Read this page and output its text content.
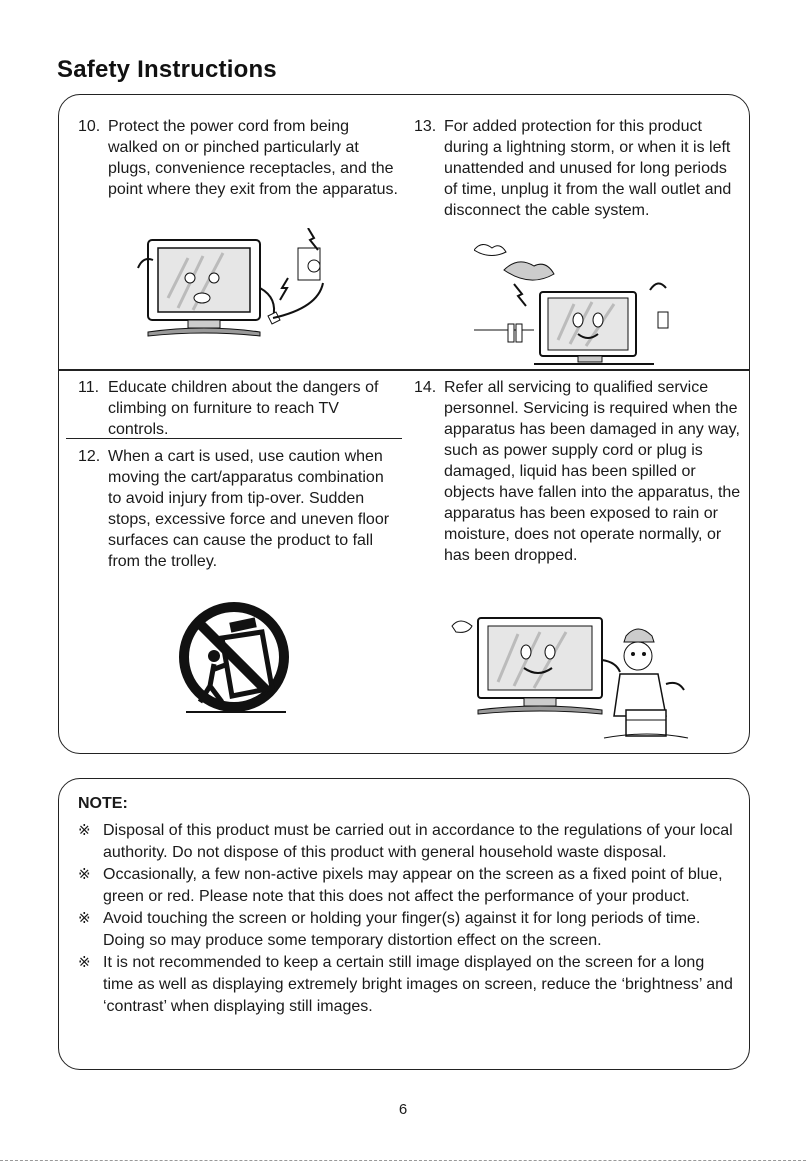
Safety Instructions
10. Protect the power cord from being walked on or pinched particularly at plugs, convenience receptacles, and the point where they exit from the apparatus.
13. For added protection for this product during a lightning storm, or when it is left unattended and unused for long periods of time, unplug it from the wall outlet and disconnect the cable system.
11. Educate children about the dangers of climbing on furniture to reach TV controls.
12. When a cart is used, use caution when moving the cart/apparatus combination to avoid injury from tip-over. Sudden stops, excessive force and uneven floor surfaces can cause the product to fall from the trolley.
14. Refer all servicing to qualified service personnel. Servicing is required when the apparatus has been damaged in any way, such as power supply cord or plug is damaged, liquid has been spilled or objects have fallen into the apparatus, the apparatus has been exposed to rain or moisture, does not operate normally, or has been dropped.
NOTE:
※ Disposal of this product must be carried out in accordance to the regulations of your local authority. Do not dispose of this product with general household waste disposal.
※ Occasionally, a few non-active pixels may appear on the screen as a fixed point of blue, green or red. Please note that this does not affect the performance of your product.
※ Avoid touching the screen or holding your finger(s) against it for long periods of time. Doing so may produce some temporary distortion effect on the screen.
※ It is not recommended to keep a certain still image displayed on the screen for a long time as well as displaying extremely bright images on screen, reduce the ‘brightness’ and ‘contrast’ when displaying still images.
6
